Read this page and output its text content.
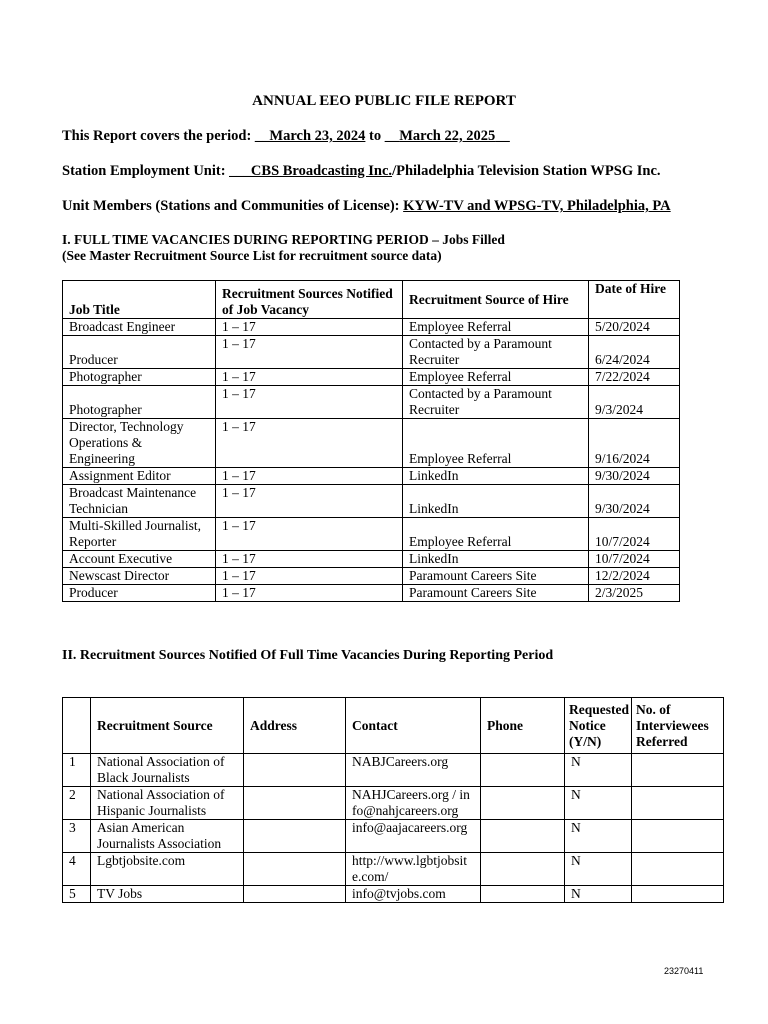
ANNUAL EEO PUBLIC FILE REPORT
This Report covers the period: __March 23, 2024 to __March 22, 2025__
Station Employment Unit: ___CBS Broadcasting Inc./Philadelphia Television Station WPSG Inc.
Unit Members (Stations and Communities of License): KYW-TV and WPSG-TV, Philadelphia, PA
I. FULL TIME VACANCIES DURING REPORTING PERIOD – Jobs Filled
(See Master Recruitment Source List for recruitment source data)
Job Title	Recruitment Sources Notified of Job Vacancy	Recruitment Source of Hire	Date of Hire
Broadcast Engineer	1 – 17	Employee Referral	5/20/2024
Producer	1 – 17	Contacted by a Paramount Recruiter	6/24/2024
Photographer	1 – 17	Employee Referral	7/22/2024
Photographer	1 – 17	Contacted by a Paramount Recruiter	9/3/2024
Director, Technology Operations & Engineering	1 – 17	Employee Referral	9/16/2024
Assignment Editor	1 – 17	LinkedIn	9/30/2024
Broadcast Maintenance Technician	1 – 17	LinkedIn	9/30/2024
Multi-Skilled Journalist, Reporter	1 – 17	Employee Referral	10/7/2024
Account Executive	1 – 17	LinkedIn	10/7/2024
Newscast Director	1 – 17	Paramount Careers Site	12/2/2024
Producer	1 – 17	Paramount Careers Site	2/3/2025
II. Recruitment Sources Notified Of Full Time Vacancies During Reporting Period
	Recruitment Source	Address	Contact	Phone	Requested Notice (Y/N)	No. of Interviewees Referred
1	National Association of Black Journalists		NABJCareers.org		N	
2	National Association of Hispanic Journalists		NAHJCareers.org / info@nahjcareers.org		N	
3	Asian American Journalists Association		info@aajacareers.org		N	
4	Lgbtjobsite.com		http://www.lgbtjobsite.com/		N	
5	TV Jobs		info@tvjobs.com		N	
23270411
